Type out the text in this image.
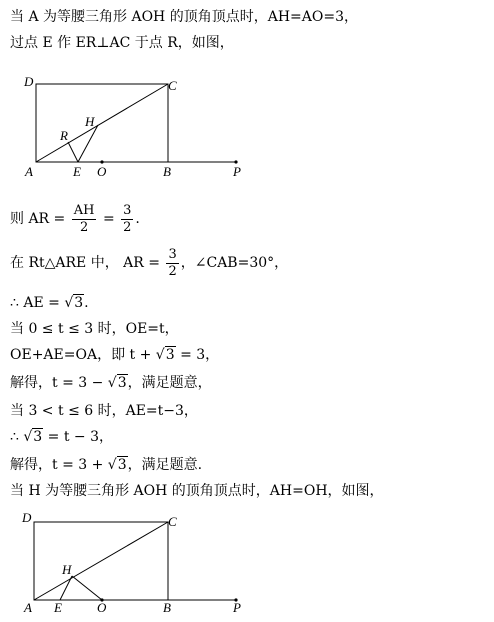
当 A 为等腰三角形 AOH 的顶角顶点时，AH=AO=3，
过点 E 作 ER⊥AC 于点 R，如图，
D	C
H
R
A	E O	B	P
则 AR = $\frac{AH}{2} = \frac{3}{2}$ .
在 Rt△ARE 中， AR = $\frac{3}{2}$ ，∠CAB=30°，
∴ AE = √3.
当 0 ≤ t ≤ 3 时，OE=t，
OE+AE=OA，即 t + √3 = 3，
解得，t = 3 − √3，满足题意，
当 3 < t ≤ 6 时，AE=t−3，
∴ √3 = t − 3，
解得，t = 3 + √3，满足题意.
当 H 为等腰三角形 AOH 的顶角顶点时，AH=OH，如图，
D	C
H
A E	O	B	P
